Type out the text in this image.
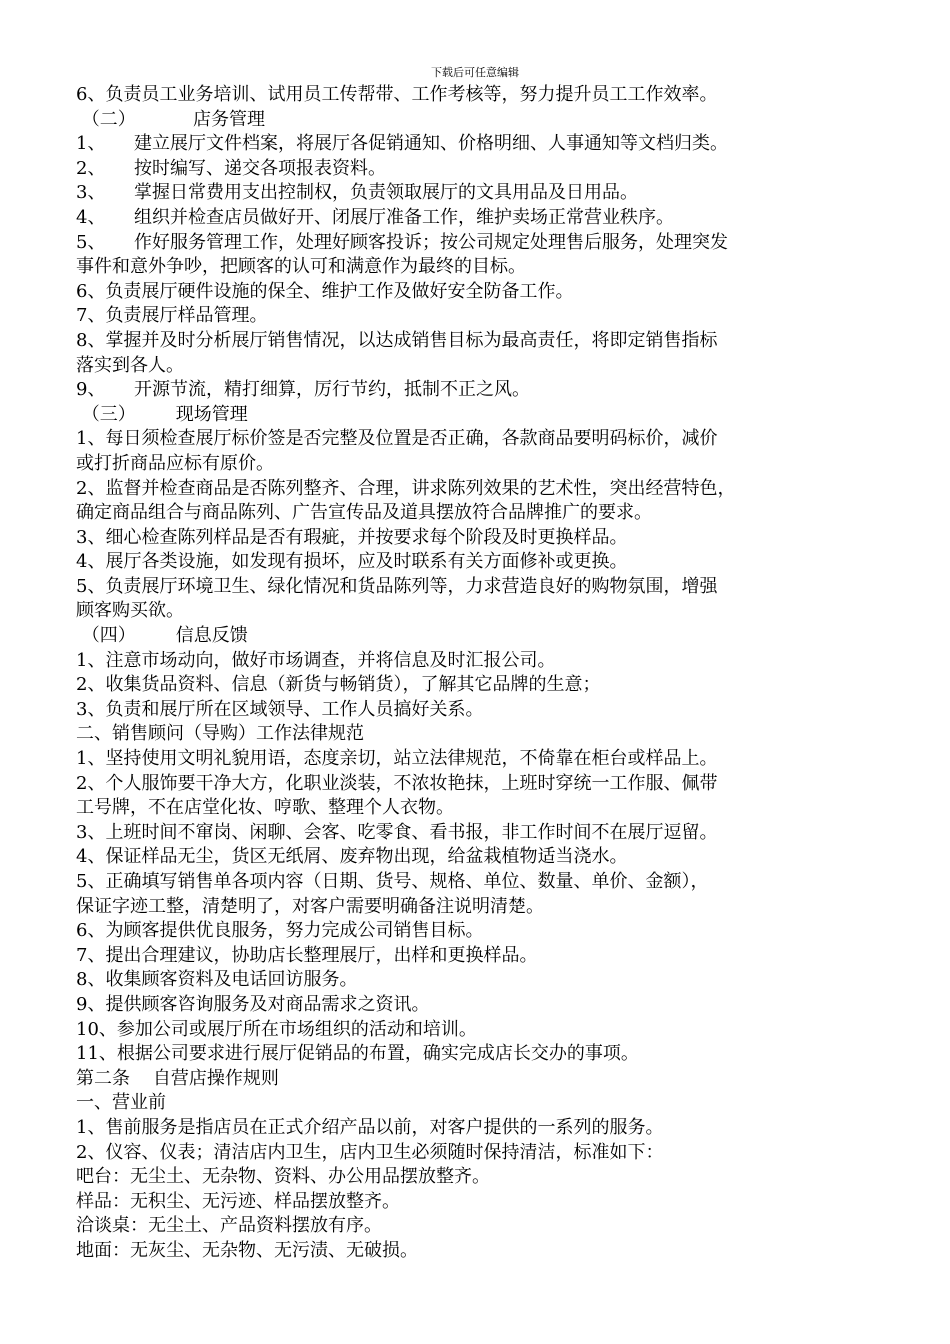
下载后可任意编辑
6、负责员工业务培训、试用员工传帮带、工作考核等，努力提升员工工作效率。
（二）          店务管理
1、     建立展厅文件档案，将展厅各促销通知、价格明细、人事通知等文档归类。
2、     按时编写、递交各项报表资料。
3、     掌握日常费用支出控制权，负责领取展厅的文具用品及日用品。
4、     组织并检查店员做好开、闭展厅准备工作，维护卖场正常营业秩序。
5、     作好服务管理工作，处理好顾客投诉；按公司规定处理售后服务，处理突发
事件和意外争吵，把顾客的认可和满意作为最终的目标。
6、负责展厅硬件设施的保全、维护工作及做好安全防备工作。
7、负责展厅样品管理。
8、掌握并及时分析展厅销售情况，以达成销售目标为最高责任，将即定销售指标
落实到各人。
9、     开源节流，精打细算，厉行节约，抵制不正之风。
（三）       现场管理
1、每日须检查展厅标价签是否完整及位置是否正确，各款商品要明码标价，减价
或打折商品应标有原价。
2、监督并检查商品是否陈列整齐、合理，讲求陈列效果的艺术性，突出经营特色，
确定商品组合与商品陈列、广告宣传品及道具摆放符合品牌推广的要求。
3、细心检查陈列样品是否有瑕疵，并按要求每个阶段及时更换样品。
4、展厅各类设施，如发现有损坏，应及时联系有关方面修补或更换。
5、负责展厅环境卫生、绿化情况和货品陈列等，力求营造良好的购物氛围，增强
顾客购买欲。
（四）       信息反馈
1、注意市场动向，做好市场调查，并将信息及时汇报公司。
2、收集货品资料、信息（新货与畅销货），了解其它品牌的生意；
3、负责和展厅所在区域领导、工作人员搞好关系。
二、销售顾问（导购）工作法律规范
1、坚持使用文明礼貌用语，态度亲切，站立法律规范，不倚靠在柜台或样品上。
2、个人服饰要干净大方，化职业淡装，不浓妆艳抹，上班时穿统一工作服、佩带
工号牌，不在店堂化妆、哼歌、整理个人衣物。
3、上班时间不窜岗、闲聊、会客、吃零食、看书报，非工作时间不在展厅逗留。
4、保证样品无尘，货区无纸屑、废弃物出现，给盆栽植物适当浇水。
5、正确填写销售单各项内容（日期、货号、规格、单位、数量、单价、金额），
保证字迹工整，清楚明了，对客户需要明确备注说明清楚。
6、为顾客提供优良服务，努力完成公司销售目标。
7、提出合理建议，协助店长整理展厅，出样和更换样品。
8、收集顾客资料及电话回访服务。
9、提供顾客咨询服务及对商品需求之资讯。
10、参加公司或展厅所在市场组织的活动和培训。
11、根据公司要求进行展厅促销品的布置，确实完成店长交办的事项。
第二条    自营店操作规则
一、营业前
1、售前服务是指店员在正式介绍产品以前，对客户提供的一系列的服务。
2、仪容、仪表；清洁店内卫生，店内卫生必须随时保持清洁，标准如下：
吧台：无尘土、无杂物、资料、办公用品摆放整齐。
样品：无积尘、无污迹、样品摆放整齐。
洽谈桌：无尘土、产品资料摆放有序。
地面：无灰尘、无杂物、无污渍、无破损。
